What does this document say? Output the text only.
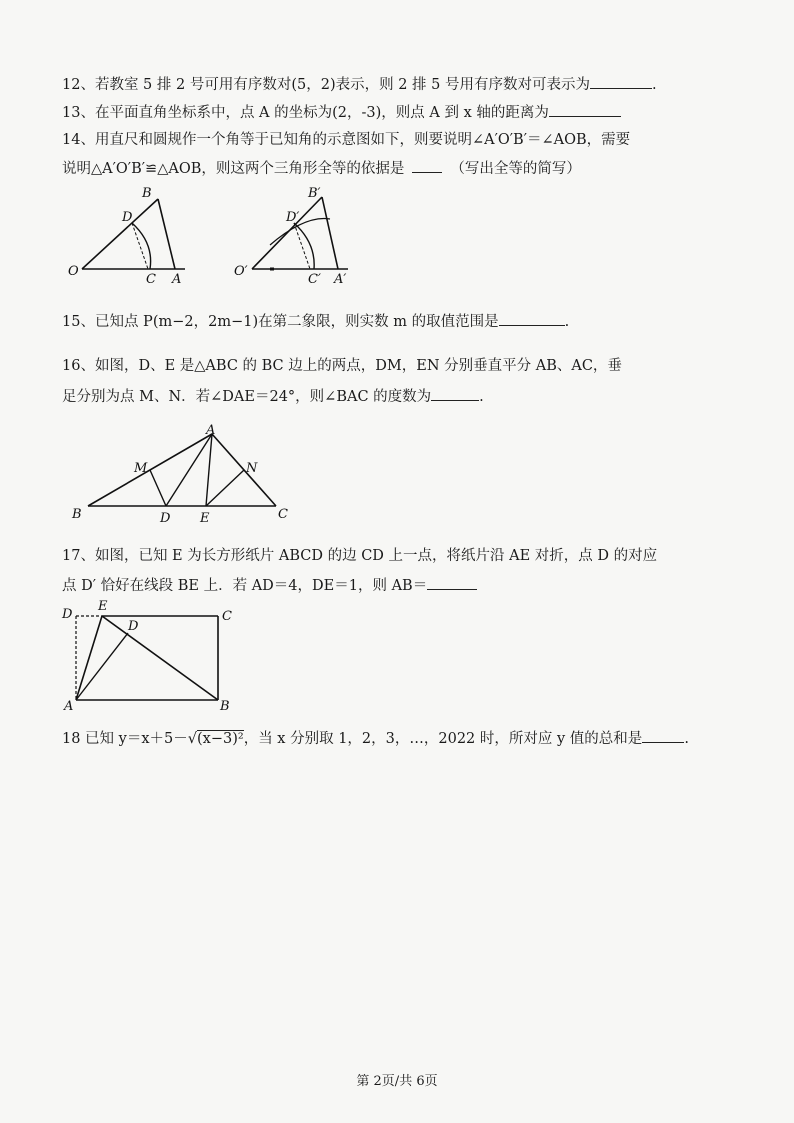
12、若教室 5 排 2 号可用有序数对(5，2)表示，则 2 排 5 号用有序数对可表示为	.
13、在平面直角坐标系中，点 A 的坐标为(2，-3)，则点 A 到 x 轴的距离为
14、用直尺和圆规作一个角等于已知角的示意图如下，则要说明∠A′O′B′＝∠AOB，需要
说明△A′O′B′≌△AOB，则这两个三角形全等的依据是	（写出全等的简写）
B
D
O
C A
B′
D′
O′
C′ A′
15、已知点 P(m−2，2m−1)在第二象限，则实数 m 的取值范围是	.
16、如图，D、E 是△ABC 的 BC 边上的两点，DM，EN 分别垂直平分 AB、AC，垂
足分别为点 M、N．若∠DAE＝24°，则∠BAC 的度数为	.
A
M	N
B	D E	C
17、如图，已知 E 为长方形纸片 ABCD 的边 CD 上一点，将纸片沿 AE 对折，点 D 的对应
点 D′ 恰好在线段 BE 上．若 AD＝4，DE＝1，则 AB＝
D
E
C
D
A	B
18 已知 y＝x＋5－√(x−3)²，当 x 分别取 1，2，3，…，2022 时，所对应 y 值的总和是	.
第 2页/共 6页
